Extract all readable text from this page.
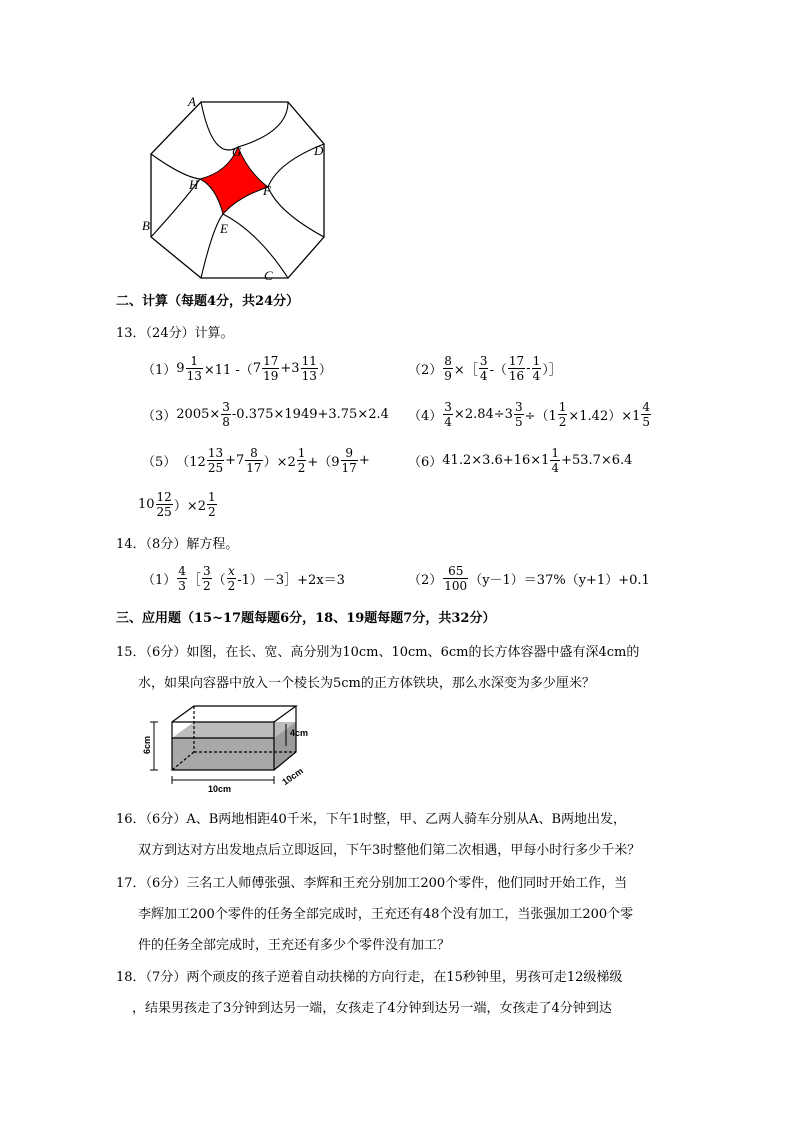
A
D
G
H	F
B	E
C
二、计算（每题4分，共24分）
13．（24分）计算。
（1） $9 \frac{1}{13} \times 11$ -（ $7 \frac{17}{19} + 3 \frac{11}{13}$ ）	$(2) \frac{8}{9}$ ×［ $\frac{3}{4}$ -（ $\frac{17}{16} - \frac{1}{4}$ ）］
（3） $2005\times \frac{3}{8} -0.375\times 1949+3.75\times 2.4$ $(4) \frac{3}{4} \times 2.84\div 3 \frac{3}{5} \div(1 \frac{1}{2} \times 1.42)\times 1 \frac{4}{5}$
（5） $(12 \frac{13}{25} +7 \frac{8}{17} )\times 2 \frac{1}{2} +(9 \frac{9}{17}$ +	（6） $41.2\times 3.6+16\times 1 \frac{1}{4} +53.7\times 6.4$
$10 \frac{12}{25} )\times 2 \frac{1}{2}$
14．（8分）解方程。
$(1) \frac{4}{3}$ ［ $\frac{3}{2}$ （ $\frac{x}{2}$ -1）－3］+2x＝3	$(2) \frac{65}{100} (y-1)=37\%(y+1)+0.1$
三、应用题（15~17题每题6分，18、19题每题7分，共32分）
15．（6分）如图，在长、宽、高分别为10cm、10cm、6cm的长方体容器中盛有深4cm的
水，如果向容器中放入一个棱长为5cm的正方体铁块，那么水深变为多少厘米？
6cm
10cm
10cm
4cm
16．（6分）A、B两地相距40千米，下午1时整，甲、乙两人骑车分别从A、B两地出发，
双方到达对方出发地点后立即返回，下午3时整他们第二次相遇，甲每小时行多少千米？
17．（6分）三名工人师傅张强、李辉和王充分别加工200个零件，他们同时开始工作，当
李辉加工200个零件的任务全部完成时，王充还有48个没有加工，当张强加工200个零
件的任务全部完成时，王充还有多少个零件没有加工？
18．（7分）两个顽皮的孩子逆着自动扶梯的方向行走，在15秒钟里，男孩可走12级梯级
，结果男孩走了3分钟到达另一端，女孩走了4分钟到达另一端，女孩走了4分钟到达
